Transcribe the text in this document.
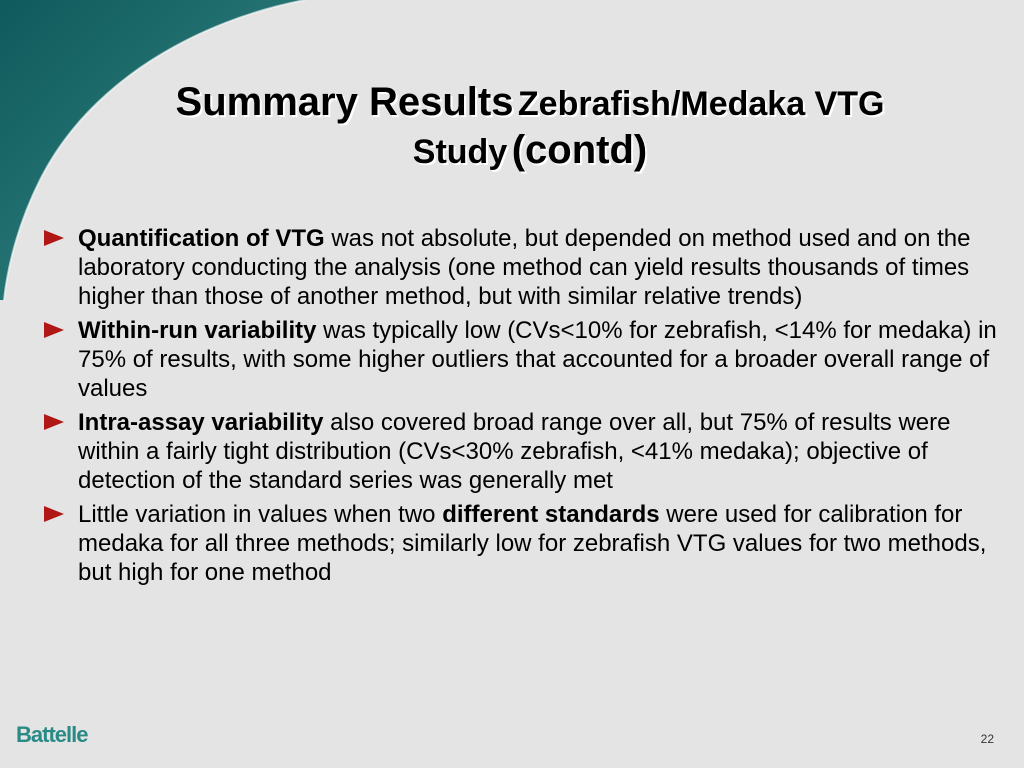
Summary Results Zebrafish/Medaka VTG
Study (contd)
Quantification of VTG was not absolute, but depended on method used and on the laboratory conducting the analysis (one method can yield results thousands of times higher than those of another method, but with similar relative trends)
Within-run variability was typically low (CVs<10% for zebrafish, <14% for medaka) in 75% of results, with some higher outliers that accounted for a broader overall range of values
Intra-assay variability also covered broad range over all, but 75% of results were within a fairly tight distribution (CVs<30% zebrafish, <41% medaka); objective of detection of the standard series was generally met
Little variation in values when two different standards were used for calibration for medaka for all three methods; similarly low for zebrafish VTG values for two methods, but high for one method
Battelle	22
